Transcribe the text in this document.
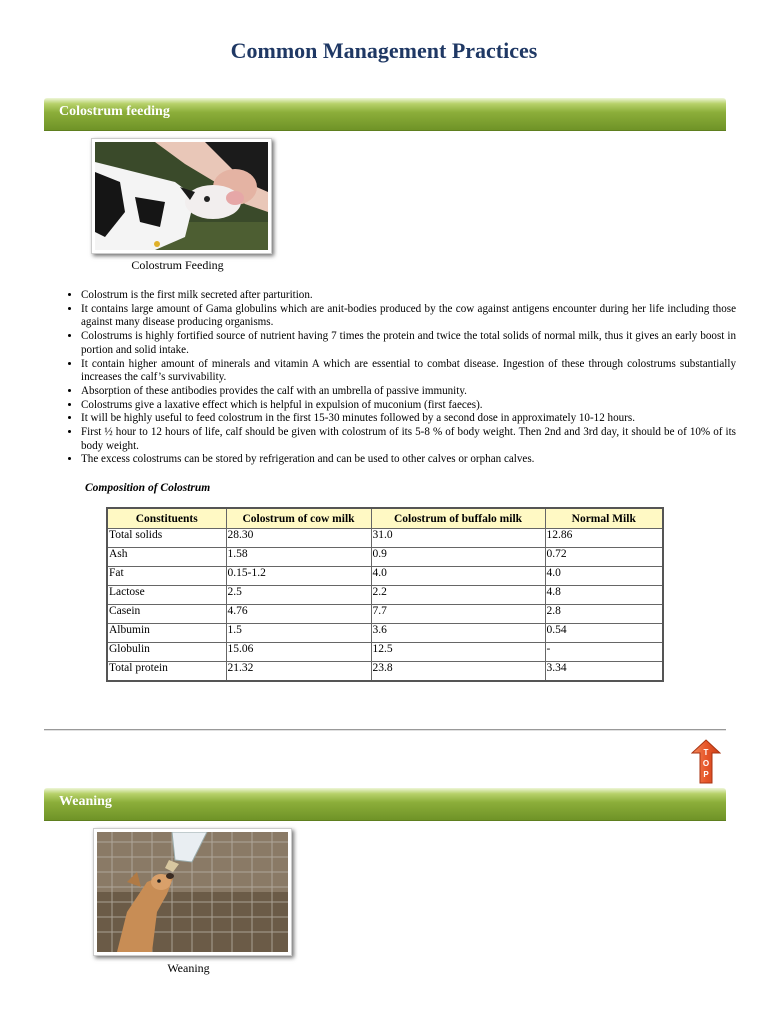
Common Management Practices
Colostrum feeding
Colostrum Feeding
• Colostrum is the first milk secreted after parturition.
• It contains large amount of Gama globulins which are anit-bodies produced by the cow against antigens encounter during her life including those against many disease producing organisms.
• Colostrums is highly fortified source of nutrient having 7 times the protein and twice the total solids of normal milk, thus it gives an early boost in portion and solid intake.
• It contain higher amount of minerals and vitamin A which are essential to combat disease. Ingestion of these through colostrums substantially increases the calf’s survivability.
• Absorption of these antibodies provides the calf with an umbrella of passive immunity.
• Colostrums give a laxative effect which is helpful in expulsion of muconium (first faeces).
• It will be highly useful to feed colostrum in the first 15-30 minutes followed by a second dose in approximately 10-12 hours.
• First ½ hour to 12 hours of life, calf should be given with colostrum of its 5-8 % of body weight. Then 2nd and 3rd day, it should be of 10% of its body weight.
• The excess colostrums can be stored by refrigeration and can be used to other calves or orphan calves.
Composition of Colostrum
Constituents	Colostrum of cow milk	Colostrum of buffalo milk	Normal Milk
Total solids	28.30	31.0	12.86
Ash	1.58	0.9	0.72
Fat	0.15-1.2	4.0	4.0
Lactose	2.5	2.2	4.8
Casein	4.76	7.7	2.8
Albumin	1.5	3.6	0.54
Globulin	15.06	12.5	-
Total protein	21.32	23.8	3.34
T
O
P
Weaning
Weaning
